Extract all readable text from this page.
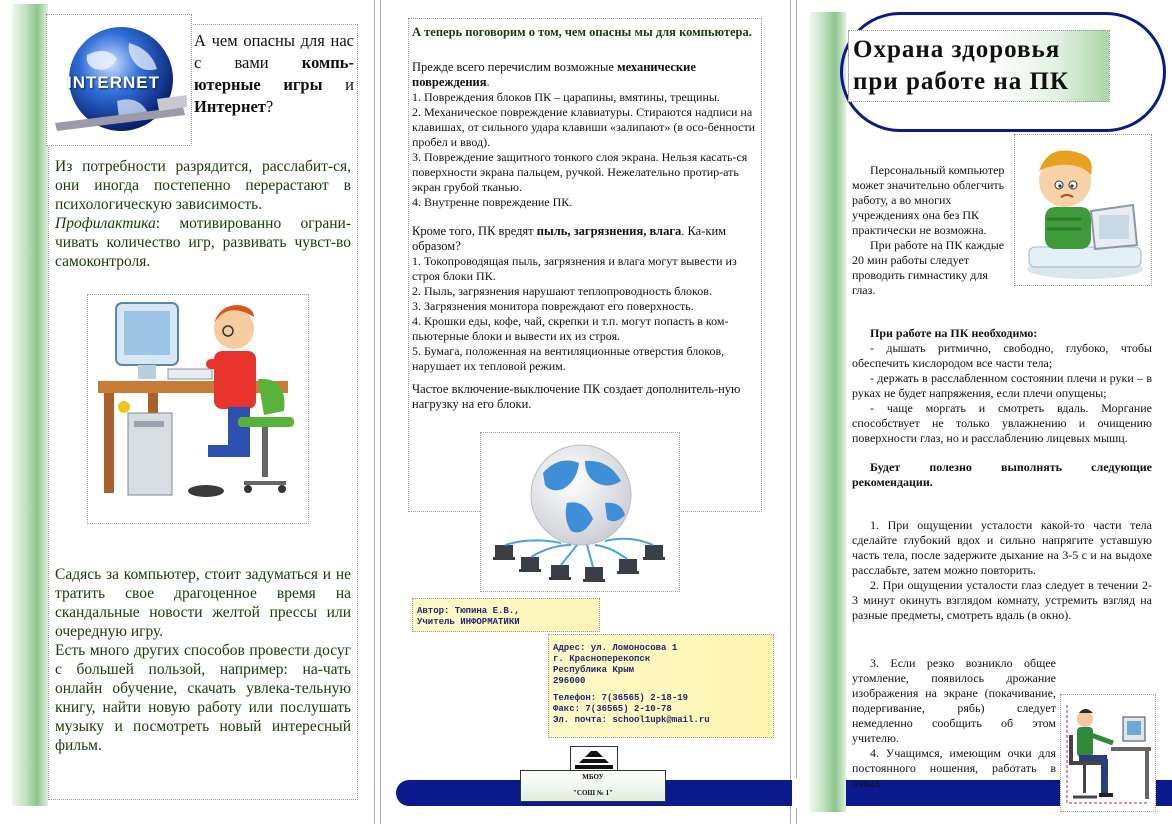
INTERNET
А чем опасны для нас с вами компь-ютерные игры и Интернет?

Из потребности разрядится, расслабит-ся, они иногда постепенно перерастают в психологическую зависимость.

Профилактика: мотивированно ограни-чивать количество игр, развивать чувст-во самоконтроля.

Садясь за компьютер, стоит задуматься и не тратить свое драгоценное время на скандальные новости желтой прессы или очередную игру.

Есть много других способов провести досуг с большей пользой, например: на-чать онлайн обучение, скачать увлека-тельную книгу, найти новую работу или послушать музыку и посмотреть новый интересный фильм.

А теперь поговорим о том, чем опасны мы для компьютера.

Прежде всего перечислим возможные механические повреждения.

1. Повреждения блоков ПК – царапины, вмятины, трещины.

2. Механическое повреждение клавиатуры. Стираются надписи на клавишах, от сильного удара клавиши «залипают» (в осо-бенности пробел и ввод).

3. Повреждение защитного тонкого слоя экрана. Нельзя касать-ся поверхности экрана пальцем, ручкой. Нежелательно протир-ать экран грубой тканью.

4. Внутренне повреждение ПК.

Кроме того, ПК вредят пыль, загрязнения, влага. Ка-ким образом?

1. Токопроводящая пыль, загрязнения и влага могут вывести из строя блоки ПК.

2. Пыль, загрязнения нарушают теплопроводность блоков.

3. Загрязнения монитора повреждают его поверхность.

4. Крошки еды, кофе, чай, скрепки и т.п. могут попасть в ком-пьютерные блоки и вывести их из строя.

5. Бумага, положенная на вентиляционные отверстия блоков, нарушает их тепловой режим.

Частое включение-выключение ПК создает дополнитель-ную нагрузку на его блоки.

Автор: Тюпина Е.В.,
Учитель ИНФОРМАТИКИ
Адрес: ул. Ломоносова 1
г. Красноперекопск
Республика Крым
296000
Телефон: 7(36565) 2-18-19
Факс: 7(36565) 2-10-78
Эл. почта: school1upk@mail.ru
МБОУ
"СОШ № 1"
Охрана здоровья
при работе на ПК

Персональный компьютер может значительно облегчить работу, а во многих учреждениях она без ПК практически не возможна.

При работе на ПК каждые 20 мин работы следует проводить гимнастику для глаз.

При работе на ПК необходимо:

- дышать ритмично, свободно, глубоко, чтобы обеспечить кислородом все части тела;

- держать в расслабленном состоянии плечи и руки – в руках не будет напряжения, если плечи опущены;

- чаще моргать и смотреть вдаль. Моргание способствует не только увлажнению и очищению поверхности глаз, но и расслаблению лицевых мышц.

Будет полезно выполнять следующие рекомендации.

1. При ощущении усталости какой-то части тела сделайте глубокий вдох и сильно напрягите уставшую часть тела, после задержите дыхание на 3-5 с и на выдохе расслабьте, затем можно повторить.

2. При ощущении усталости глаз следует в течении 2-3 минут окинуть взглядом комнату, устремить взгляд на разные предметы, смотреть вдаль (в окно).

3. Если резко возникло общее утомление, появилось дрожание изображения на экране (покачивание, подергивание, рябь) следует немедленно сообщить об этом учителю.

4. Учащимся, имеющим очки для постоянного ношения, работать в очках.
